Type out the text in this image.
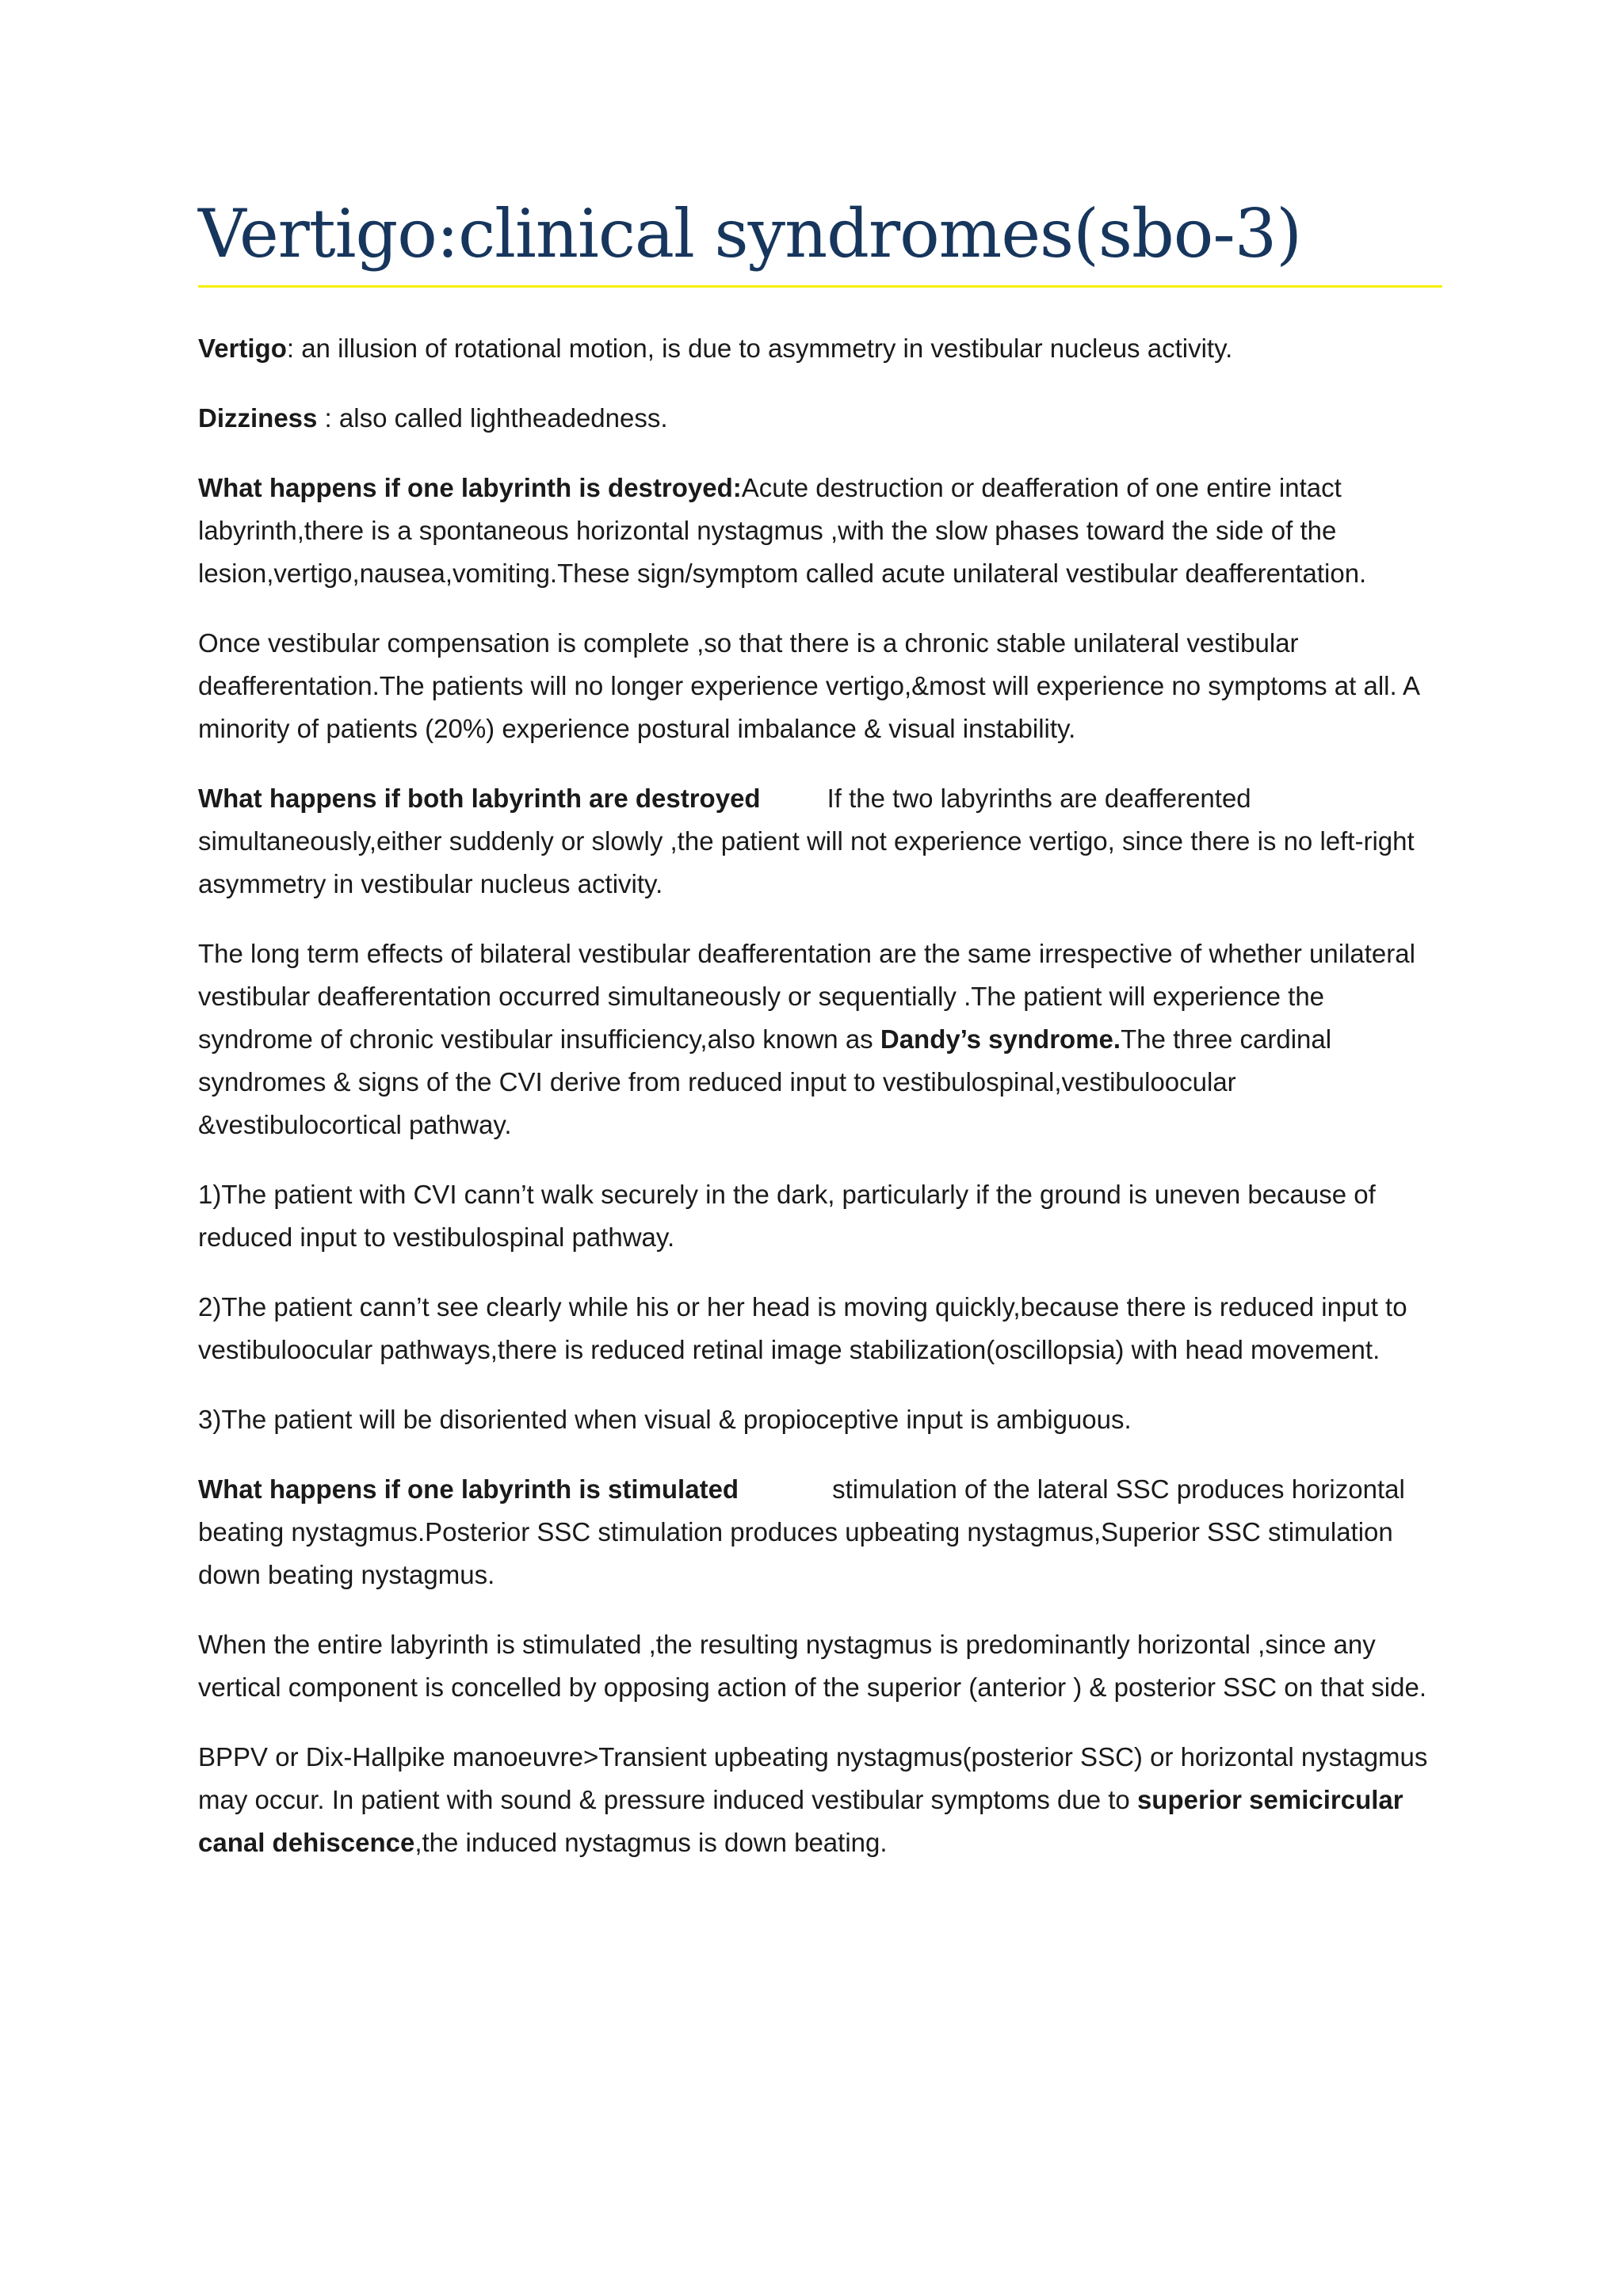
Vertigo:clinical syndromes(sbo-3)

Vertigo: an illusion of rotational motion, is due to asymmetry in vestibular nucleus activity.

Dizziness : also called lightheadedness.

What happens if one labyrinth is destroyed:Acute destruction or deafferation of one entire intact labyrinth,there is a spontaneous horizontal nystagmus ,with the slow phases toward the side of the lesion,vertigo,nausea,vomiting.These sign/symptom called acute unilateral vestibular deafferentation.

Once vestibular compensation is complete ,so that there is a chronic stable unilateral vestibular deafferentation.The patients will no longer experience vertigo,&most will experience no symptoms at all. A minority of patients (20%) experience postural imbalance & visual instability.

What happens if both labyrinth are destroyed	If the two labyrinths are deafferented simultaneously,either suddenly or slowly ,the patient will not experience vertigo, since there is no left-right asymmetry in vestibular nucleus activity.

The long term effects of bilateral vestibular deafferentation are the same irrespective of whether unilateral vestibular deafferentation occurred simultaneously or sequentially .The patient will experience the syndrome of chronic vestibular insufficiency,also known as Dandy’s syndrome.The three cardinal syndromes & signs of the CVI derive from reduced input to vestibulospinal,vestibuloocular &vestibulocortical pathway.

1)The patient with CVI cann’t walk securely in the dark, particularly if the ground is uneven because of reduced input to vestibulospinal pathway.

2)The patient cann’t see clearly while his or her head is moving quickly,because there is reduced input to vestibuloocular pathways,there is reduced retinal image stabilization(oscillopsia) with head movement.

3)The patient will be disoriented when visual & propioceptive input is ambiguous.

What happens if one labyrinth is stimulated	stimulation of the lateral SSC produces horizontal beating nystagmus.Posterior SSC stimulation produces upbeating nystagmus,Superior SSC stimulation down beating nystagmus.

When the entire labyrinth is stimulated ,the resulting nystagmus is predominantly horizontal ,since any vertical component is concelled by opposing action of the superior (anterior ) & posterior SSC on that side.

BPPV or Dix-Hallpike manoeuvre>Transient upbeating nystagmus(posterior SSC) or horizontal nystagmus may occur. In patient with sound & pressure induced vestibular symptoms due to superior semicircular canal dehiscence,the induced nystagmus is down beating.
